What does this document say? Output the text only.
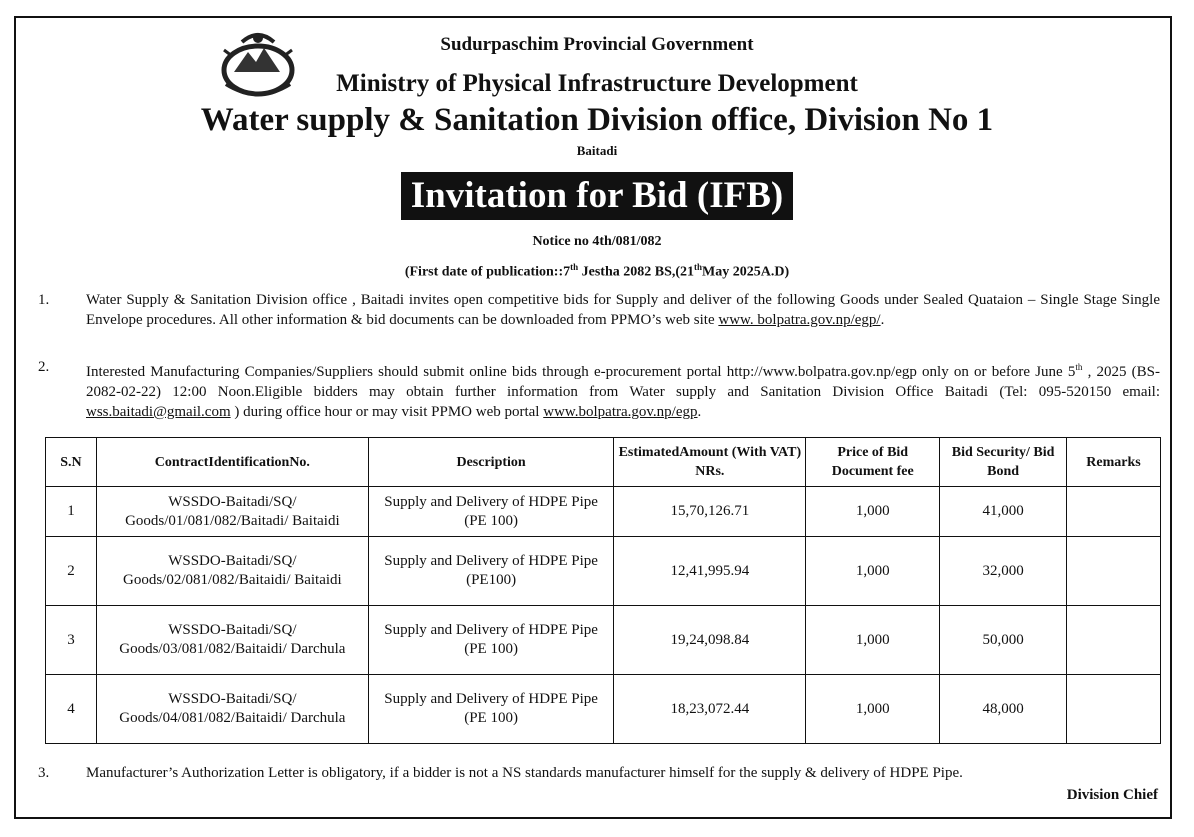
Sudurpaschim Provincial Government
Ministry of Physical Infrastructure Development
Water supply & Sanitation Division office, Division No 1
Baitadi
Invitation for Bid (IFB)
Notice no 4th/081/082
(First date of publication::7th Jestha 2082 BS,(21thMay 2025A.D)
1. Water Supply & Sanitation Division office , Baitadi invites open competitive bids for Supply and deliver of the following Goods under Sealed Quataion – Single Stage Single Envelope procedures. All other information & bid documents can be downloaded from PPMO’s web site www. bolpatra.gov.np/egp/.
2. Interested Manufacturing Companies/Suppliers should submit online bids through e-procurement portal http://www.bolpatra.gov.np/egp only on or before June 5th , 2025 (BS-2082-02-22) 12:00 Noon.Eligible bidders may obtain further information from Water supply and Sanitation Division Office Baitadi (Tel: 095-520150 email: wss.baitadi@gmail.com ) during office hour or may visit PPMO web portal www.bolpatra.gov.np/egp.
S.N	ContractIdentificationNo.	Description	EstimatedAmount (With VAT) NRs.	Price of Bid Document fee	Bid Security/ Bid Bond	Remarks
1	WSSDO-Baitadi/SQ/ Goods/01/081/082/Baitadi/ Baitaidi	Supply and Delivery of HDPE Pipe (PE 100)	15,70,126.71	1,000	41,000	
2	WSSDO-Baitadi/SQ/ Goods/02/081/082/Baitaidi/ Baitaidi	Supply and Delivery of HDPE Pipe (PE100)	12,41,995.94	1,000	32,000	
3	WSSDO-Baitadi/SQ/ Goods/03/081/082/Baitaidi/ Darchula	Supply and Delivery of HDPE Pipe (PE 100)	19,24,098.84	1,000	50,000	
4	WSSDO-Baitadi/SQ/ Goods/04/081/082/Baitaidi/ Darchula	Supply and Delivery of HDPE Pipe (PE 100)	18,23,072.44	1,000	48,000	
3. Manufacturer’s Authorization Letter is obligatory, if a bidder is not a NS standards manufacturer himself for the supply & delivery of HDPE Pipe.
Division Chief
